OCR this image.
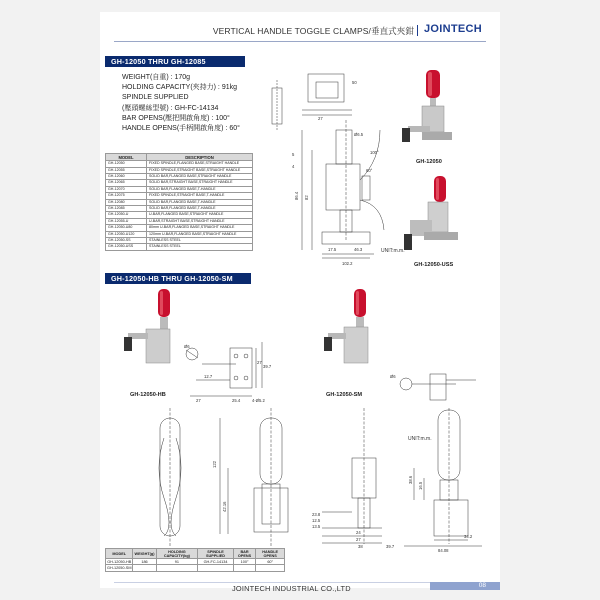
VERTICAL HANDLE TOGGLE CLAMPS/垂直式夾鉗 JOINTECH
GH-12050 THRU GH-12085
WEIGHT(自重) : 170g
HOLDING CAPACITY(夾持力) : 91kg
SPINDLE SUPPLIED
(壓頭螺絲型號) : GH-FC-14134
BAR OPENS(壓把開啟角度) : 100°
HANDLE OPENS(手柄開啟角度) : 60°
MODEL	DESCRIPTION
GH-12050	FIXED SPINDLE,FLANGED BASE,STRAIGHT HANDLE
GH-12055	FIXED SPINDLE,STRAIGHT BASE,STRAIGHT HANDLE
GH-12060	SOLID BAR,FLANGED BASE,STRAIGHT HANDLE
GH-12065	SOLID BAR,STRAIGHT BASE,STRAIGHT HANDLE
GH-12070	SOLID BAR,FLANGED BASE,T-HANDLE
GH-12075	FIXED SPINDLE,STRAIGHT BASE,T-HANDLE
GH-12080	SOLID BAR,FLANGED BASE,T-HANDLE
GH-12085	SOLID BAR,FLANGED BASE,T-HANDLE
GH-12050-U	U-BAR,FLANGED BASE,STRAIGHT HANDLE
GH-12055-U	U-BAR,STRAIGHT BASE,STRAIGHT HANDLE
GH-12050-U80	80mm U-BAR,FLANGED BASE,STRAIGHT HANDLE
GH-12050-U120	120mm U-BAR,FLANGED BASE,STRAIGHT HANDLE
GH-12050-SS	STAINLESS STEEL
GH-12050-USS	STAINLESS STEEL
50
27
100°
60°
86.4
5
4
Ø6.5
82
102.2
17.5	46.3
GH-12050
GH-12050-USS
UNIT:m.m.
GH-12050-HB THRU GH-12050-SM
GH-12050-HB
Ø6
27
39.7
12.7
27	25.4	4-Ø5.2
GH-12050-SM
Ø6
UNIT:m.m.
122
42.16
24
27
38	39.7
23.8
12.5
13.5
38.6
16.5
34.2
84.08
MODEL	WEIGHT(g)	HOLDING CAPACITY(kg)	SPINDLE SUPPLIED	BAR OPENS	HANDLE OPENS
GH-12050-HB	186	91	GH-FC-14134	100°	60°
GH-12050-SM					
JOINTECH INDUSTRIAL CO.,LTD	08
